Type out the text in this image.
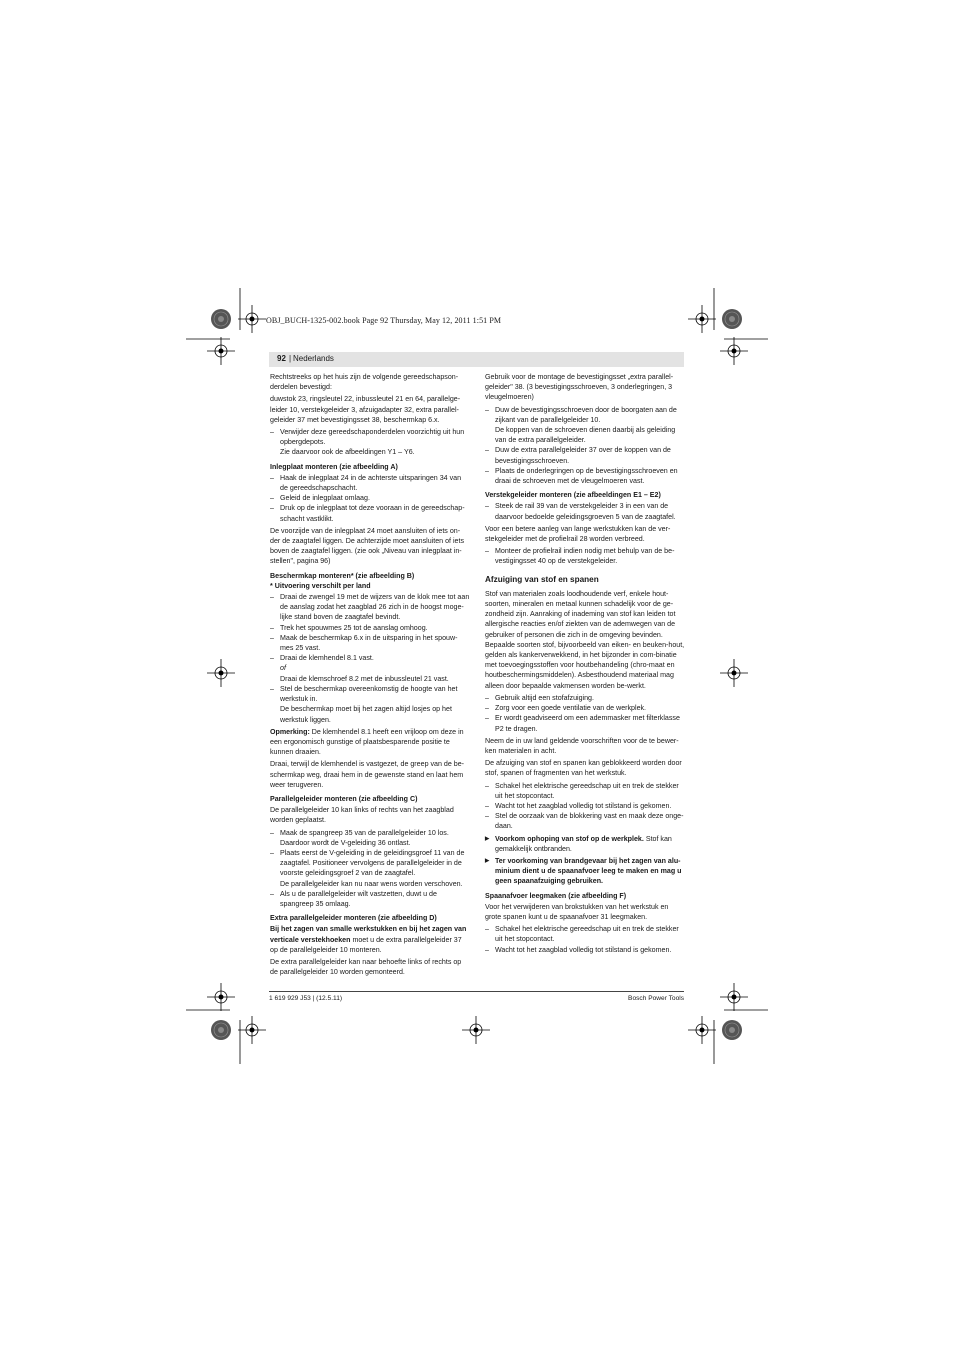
OBJ_BUCH-1325-002.book Page 92 Thursday, May 12, 2011 1:51 PM
92 | Nederlands

Rechtstreeks op het huis zijn de volgende gereedschapson-derdelen bevestigd:

duwstok 23, ringsleutel 22, inbussleutel 21 en 64, parallelge-leider 10, verstekgeleider 3, afzuigadapter 32, extra parallel-geleider 37 met bevestigingsset 38, beschermkap 6.x.

– Verwijder deze gereedschaponderdelen voorzichtig uit hun opbergdepots.
Zie daarvoor ook de afbeeldingen Y1 – Y6.

Inlegplaat monteren (zie afbeelding A)

– Haak de inlegplaat 24 in de achterste uitsparingen 34 van de gereedschapschacht.
– Geleid de inlegplaat omlaag.
– Druk op de inlegplaat tot deze vooraan in de gereedschap-schacht vastklikt.

De voorzijde van de inlegplaat 24 moet aansluiten of iets on-der de zaagtafel liggen. De achterzijde moet aansluiten of iets boven de zaagtafel liggen. (zie ook „Niveau van inlegplaat in-stellen", pagina 96)

Beschermkap monteren* (zie afbeelding B)

* Uitvoering verschilt per land

– Draai de zwengel 19 met de wijzers van de klok mee tot aan de aanslag zodat het zaagblad 26 zich in de hoogst moge-lijke stand boven de zaagtafel bevindt.
– Trek het spouwmes 25 tot de aanslag omhoog.
– Maak de beschermkap 6.x in de uitsparing in het spouw-mes 25 vast.
– Draai de klemhendel 8.1 vast.
of
Draai de klemschroef 8.2 met de inbussleutel 21 vast.
– Stel de beschermkap overeenkomstig de hoogte van het werkstuk in.
De beschermkap moet bij het zagen altijd losjes op het werkstuk liggen.

Opmerking: De klemhendel 8.1 heeft een vrijloop om deze in een ergonomisch gunstige of plaatsbesparende positie te kunnen draaien.

Draai, terwijl de klemhendel is vastgezet, de greep van de be-schermkap weg, draai hem in de gewenste stand en laat hem weer terugveren.

Parallelgeleider monteren (zie afbeelding C)

De parallelgeleider 10 kan links of rechts van het zaagblad worden geplaatst.

– Maak de spangreep 35 van de parallelgeleider 10 los. Daardoor wordt de V-geleiding 36 ontlast.
– Plaats eerst de V-geleiding in de geleidingsgroef 11 van de zaagtafel. Positioneer vervolgens de parallelgeleider in de voorste geleidingsgroef 2 van de zaagtafel.
De parallelgeleider kan nu naar wens worden verschoven.
– Als u de parallelgeleider wilt vastzetten, duwt u de spangreep 35 omlaag.

Extra parallelgeleider monteren (zie afbeelding D)

Bij het zagen van smalle werkstukken en bij het zagen van verticale verstekhoeken moet u de extra parallelgeleider 37 op de parallelgeleider 10 monteren.

De extra parallelgeleider kan naar behoefte links of rechts op de parallelgeleider 10 worden gemonteerd.

Gebruik voor de montage de bevestigingsset „extra parallel-geleider" 38. (3 bevestigingsschroeven, 3 onderlegringen, 3 vleugelmoeren)

– Duw de bevestigingsschroeven door de boorgaten aan de zijkant van de parallelgeleider 10.
De koppen van de schroeven dienen daarbij als geleiding van de extra parallelgeleider.
– Duw de extra parallelgeleider 37 over de koppen van de bevestigingsschroeven.
– Plaats de onderlegringen op de bevestigingsschroeven en draai de schroeven met de vleugelmoeren vast.

Verstekgeleider monteren (zie afbeeldingen E1 – E2)

– Steek de rail 39 van de verstekgeleider 3 in een van de daarvoor bedoelde geleidingsgroeven 5 van de zaagtafel.

Voor een betere aanleg van lange werkstukken kan de ver-stekgeleider met de profielrail 28 worden verbreed.

– Monteer de profielrail indien nodig met behulp van de be-vestigingsset 40 op de verstekgeleider.

Afzuiging van stof en spanen

Stof van materialen zoals loodhoudende verf, enkele hout-soorten, mineralen en metaal kunnen schadelijk voor de ge-zondheid zijn. Aanraking of inademing van stof kan leiden tot allergische reacties en/of ziekten van de ademwegen van de gebruiker of personen die zich in de omgeving bevinden. Bepaalde soorten stof, bijvoorbeeld van eiken- en beuken-hout, gelden als kankerverwekkend, in het bijzonder in com-binatie met toevoegingsstoffen voor houtbehandeling (chro-maat en houtbeschermingsmiddelen). Asbesthoudend materiaal mag alleen door bepaalde vakmensen worden be-werkt.

– Gebruik altijd een stofafzuiging.
– Zorg voor een goede ventilatie van de werkplek.
– Er wordt geadviseerd om een ademmasker met filterklasse P2 te dragen.

Neem de in uw land geldende voorschriften voor de te bewer-ken materialen in acht.

De afzuiging van stof en spanen kan geblokkeerd worden door stof, spanen of fragmenten van het werkstuk.

– Schakel het elektrische gereedschap uit en trek de stekker uit het stopcontact.
– Wacht tot het zaagblad volledig tot stilstand is gekomen.
– Stel de oorzaak van de blokkering vast en maak deze onge-daan.
▶ Voorkom ophoping van stof op de werkplek. Stof kan gemakkelijk ontbranden.
▶ Ter voorkoming van brandgevaar bij het zagen van alu-minium dient u de spaanafvoer leeg te maken en mag u geen spaanafzuiging gebruiken.

Spaanafvoer leegmaken (zie afbeelding F)

Voor het verwijderen van brokstukken van het werkstuk en grote spanen kunt u de spaanafvoer 31 leegmaken.

– Schakel het elektrische gereedschap uit en trek de stekker uit het stopcontact.
– Wacht tot het zaagblad volledig tot stilstand is gekomen.
1 619 929 J53 | (12.5.11)	Bosch Power Tools
